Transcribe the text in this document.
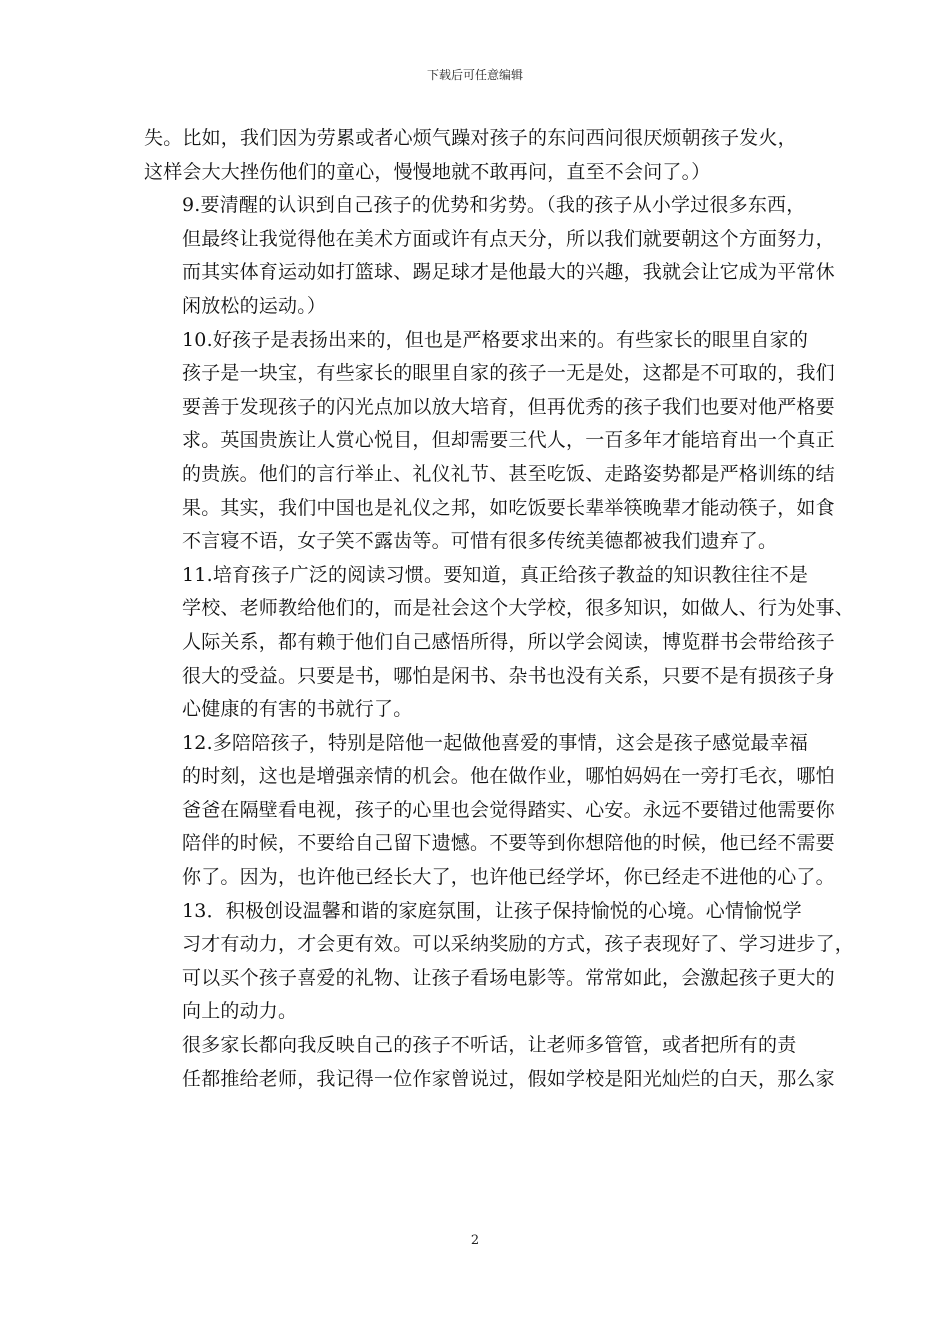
下载后可任意编辑

失。比如，我们因为劳累或者心烦气躁对孩子的东问西问很厌烦朝孩子发火，
这样会大大挫伤他们的童心，慢慢地就不敢再问，直至不会问了。）

9.要清醒的认识到自己孩子的优势和劣势。（我的孩子从小学过很多东西，
但最终让我觉得他在美术方面或许有点天分，所以我们就要朝这个方面努力，
而其实体育运动如打篮球、踢足球才是他最大的兴趣，我就会让它成为平常休
闲放松的运动。）

10.好孩子是表扬出来的，但也是严格要求出来的。有些家长的眼里自家的
孩子是一块宝，有些家长的眼里自家的孩子一无是处，这都是不可取的，我们
要善于发现孩子的闪光点加以放大培育，但再优秀的孩子我们也要对他严格要
求。英国贵族让人赏心悦目，但却需要三代人，一百多年才能培育出一个真正
的贵族。他们的言行举止、礼仪礼节、甚至吃饭、走路姿势都是严格训练的结
果。其实，我们中国也是礼仪之邦，如吃饭要长辈举筷晚辈才能动筷子，如食
不言寝不语，女子笑不露齿等。可惜有很多传统美德都被我们遗弃了。

11.培育孩子广泛的阅读习惯。要知道，真正给孩子教益的知识教往往不是
学校、老师教给他们的，而是社会这个大学校，很多知识，如做人、行为处事、
人际关系，都有赖于他们自己感悟所得，所以学会阅读，博览群书会带给孩子
很大的受益。只要是书，哪怕是闲书、杂书也没有关系，只要不是有损孩子身
心健康的有害的书就行了。

12.多陪陪孩子，特别是陪他一起做他喜爱的事情，这会是孩子感觉最幸福
的时刻，这也是增强亲情的机会。他在做作业，哪怕妈妈在一旁打毛衣，哪怕
爸爸在隔壁看电视，孩子的心里也会觉得踏实、心安。永远不要错过他需要你
陪伴的时候，不要给自己留下遗憾。不要等到你想陪他的时候，他已经不需要
你了。因为，也许他已经长大了，也许他已经学坏，你已经走不进他的心了。

13．积极创设温馨和谐的家庭氛围，让孩子保持愉悦的心境。心情愉悦学
习才有动力，才会更有效。可以采纳奖励的方式，孩子表现好了、学习进步了，
可以买个孩子喜爱的礼物、让孩子看场电影等。常常如此，会激起孩子更大的
向上的动力。

很多家长都向我反映自己的孩子不听话，让老师多管管，或者把所有的责
任都推给老师，我记得一位作家曾说过，假如学校是阳光灿烂的白天，那么家

2
